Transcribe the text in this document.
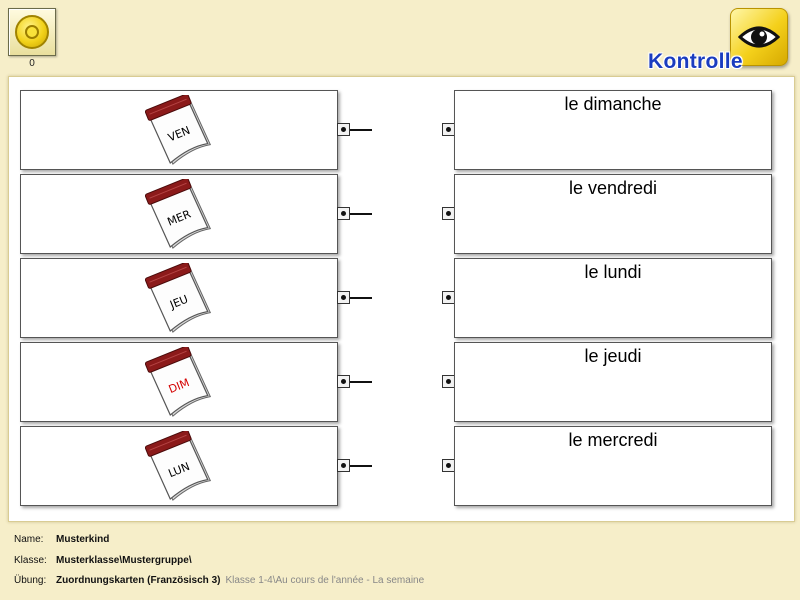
0	Kontrolle
VEN
le dimanche
MER
le vendredi
JEU
le lundi
DIM
le jeudi
LUN
le mercredi
Name:	Musterkind
Klasse: Musterklasse\Mustergruppe\
Übung: Zuordnungskarten (Französisch 3) Klasse 1-4\Au cours de l'année - La semaine
